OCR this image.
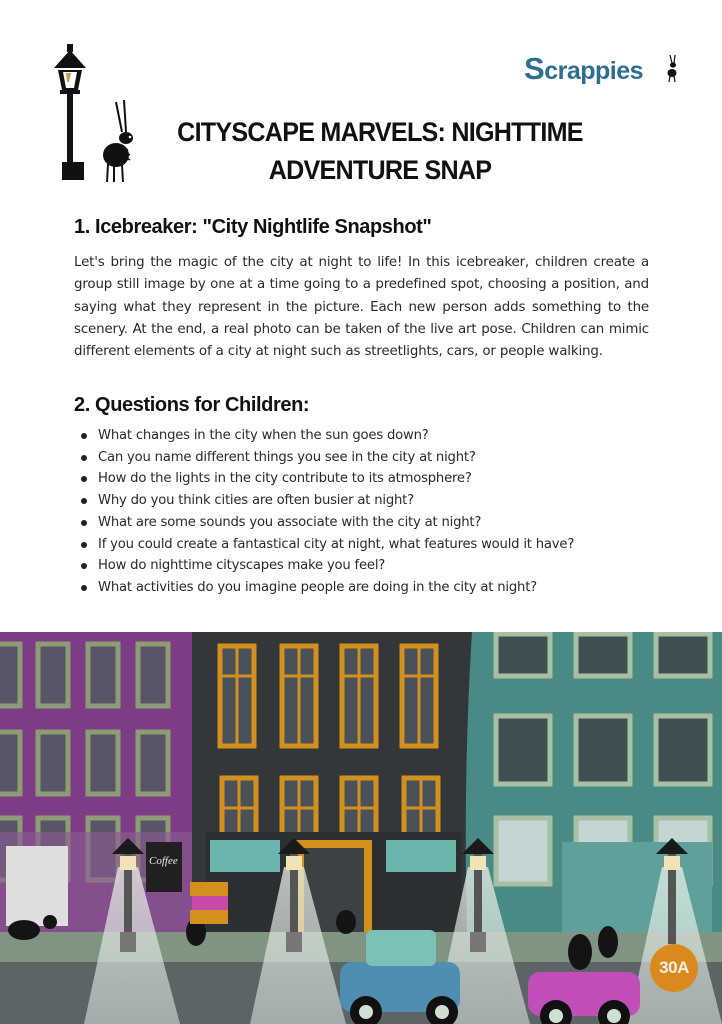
Scrappies
CITYSCAPE MARVELS: NIGHTTIME
ADVENTURE SNAP
1. Icebreaker: "City Nightlife Snapshot"
Let's bring the magic of the city at night to life! In this icebreaker, children create a group still image by one at a time going to a predefined spot, choosing a position, and saying what they represent in the picture. Each new person adds something to the scenery. At the end, a real photo can be taken of the live art pose. Children can mimic different elements of a city at night such as streetlights, cars, or people walking.
2. Questions for Children:
What changes in the city when the sun goes down?
Can you name different things you see in the city at night?
How do the lights in the city contribute to its atmosphere?
Why do you think cities are often busier at night?
What are some sounds you associate with the city at night?
If you could create a fantastical city at night, what features would it have?
How do nighttime cityscapes make you feel?
What activities do you imagine people are doing in the city at night?
Coffee
30A
